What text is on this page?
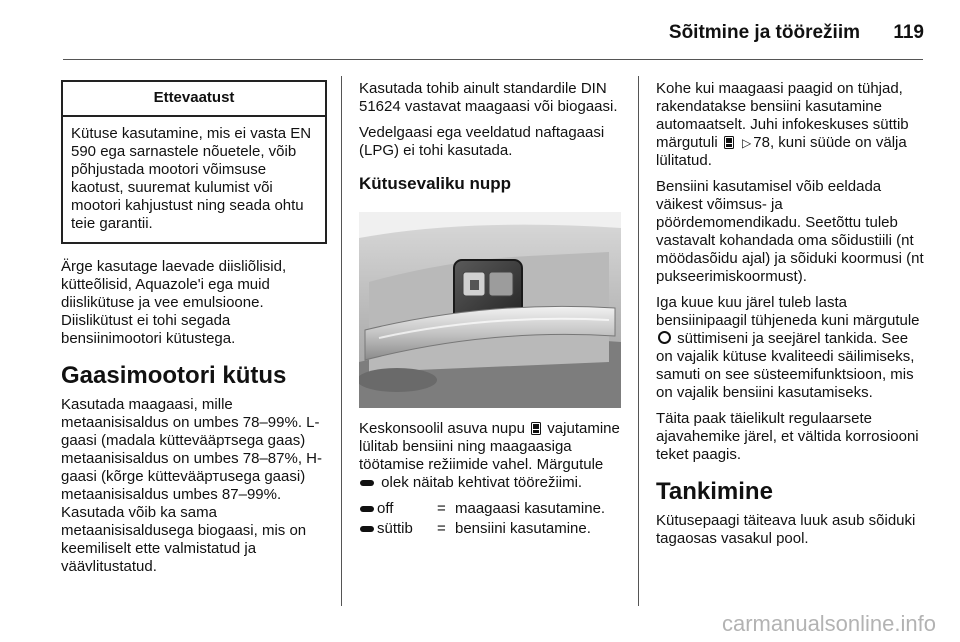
Sõitmine ja töörežiim	119
Ettevaatust
Kütuse kasutamine, mis ei vasta EN 590 ega sarnastele nõuetele, võib põhjustada mootori võimsuse kaotust, suuremat kulumist või mootori kahjustust ning seada ohtu teie garantii.

Ärge kasutage laevade diisliõlisid, kütteõlisid, Aquazole'i ega muid diislikütuse ja vee emulsioone. Diislikütust ei tohi segada bensiinimootori kütustega.

Gaasimootori kütus

Kasutada maagaasi, mille metaanisisaldus on umbes 78–99%. L-gaasi (madala küttevääртsega gaas) metaanisisaldus on umbes 78–87%, H-gaasi (kõrge küttevääртusega gaasi) metaanisisaldus umbes 87–99%. Kasutada võib ka sama metaanisisaldusega biogaasi, mis on keemiliselt ette valmistatud ja väävlitustatud.

Kasutada tohib ainult standardile DIN 51624 vastavat maagaasi või biogaasi.

Vedelgaasi ega veeldatud naftagaasi (LPG) ei tohi kasutada.

Kütusevaliku nupp

Keskonsoolil asuva nupu vajutamine lülitab bensiini ning maagaasiga töötamise režiimide vahel. Märgutule  olek näitab kehtivat töörežiimi.

off	= maagaasi kasutamine.
süttib = bensiini kasutamine.

Kohe kui maagaasi paagid on tühjad, rakendatakse bensiini kasutamine automaatselt. Juhi infokeskuses süttib märgutuli ▷ 78, kuni süüde on välja lülitatud.

Bensiini kasutamisel võib eeldada väikest võimsus- ja pöördemomendikadu. Seetõttu tuleb vastavalt kohandada oma sõidustiili (nt möödasõidu ajal) ja sõiduki koormusi (nt pukseerimiskoormust).

Iga kuue kuu järel tuleb lasta bensiinipaagil tühjeneda kuni märgutule  süttimiseni ja seejärel tankida. See on vajalik kütuse kvaliteedi säilimiseks, samuti on see süsteemifunktsioon, mis on vajalik bensiini kasutamiseks.

Täita paak täielikult regulaarsete ajavahemike järel, et vältida korrosiooni teket paagis.

Tankimine

Kütusepaagi täiteava luuk asub sõiduki tagaosas vasakul pool.

carmanualsonline.info
